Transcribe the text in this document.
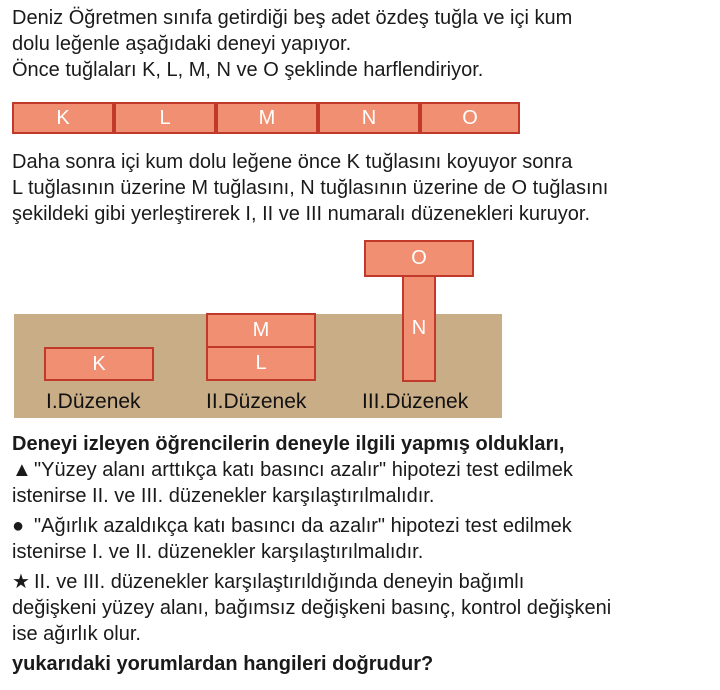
Deniz Öğretmen sınıfa getirdiği beş adet özdeş tuğla ve içi kum
dolu leğenle aşağıdaki deneyi yapıyor.
Önce tuğlaları K, L, M, N ve O şeklinde harflendiriyor.
K	L	M	N	O
Daha sonra içi kum dolu leğene önce K tuğlasını koyuyor sonra
L tuğlasının üzerine M tuğlasını, N tuğlasının üzerine de O tuğlasını
şekildeki gibi yerleştirerek I, II ve III numaralı düzenekleri kuruyor.
K
I.Düzenek
M
L
II.Düzenek
O
N
III.Düzenek
Deneyi izleyen öğrencilerin deneyle ilgili yapmış oldukları,
▲ "Yüzey alanı arttıkça katı basıncı azalır" hipotezi test edilmek
istenirse II. ve III. düzenekler karşılaştırılmalıdır.
● "Ağırlık azaldıkça katı basıncı da azalır" hipotezi test edilmek
istenirse I. ve II. düzenekler karşılaştırılmalıdır.
★ II. ve III. düzenekler karşılaştırıldığında deneyin bağımlı
değişkeni yüzey alanı, bağımsız değişkeni basınç, kontrol değişkeni
ise ağırlık olur.
yukarıdaki yorumlardan hangileri doğrudur?
